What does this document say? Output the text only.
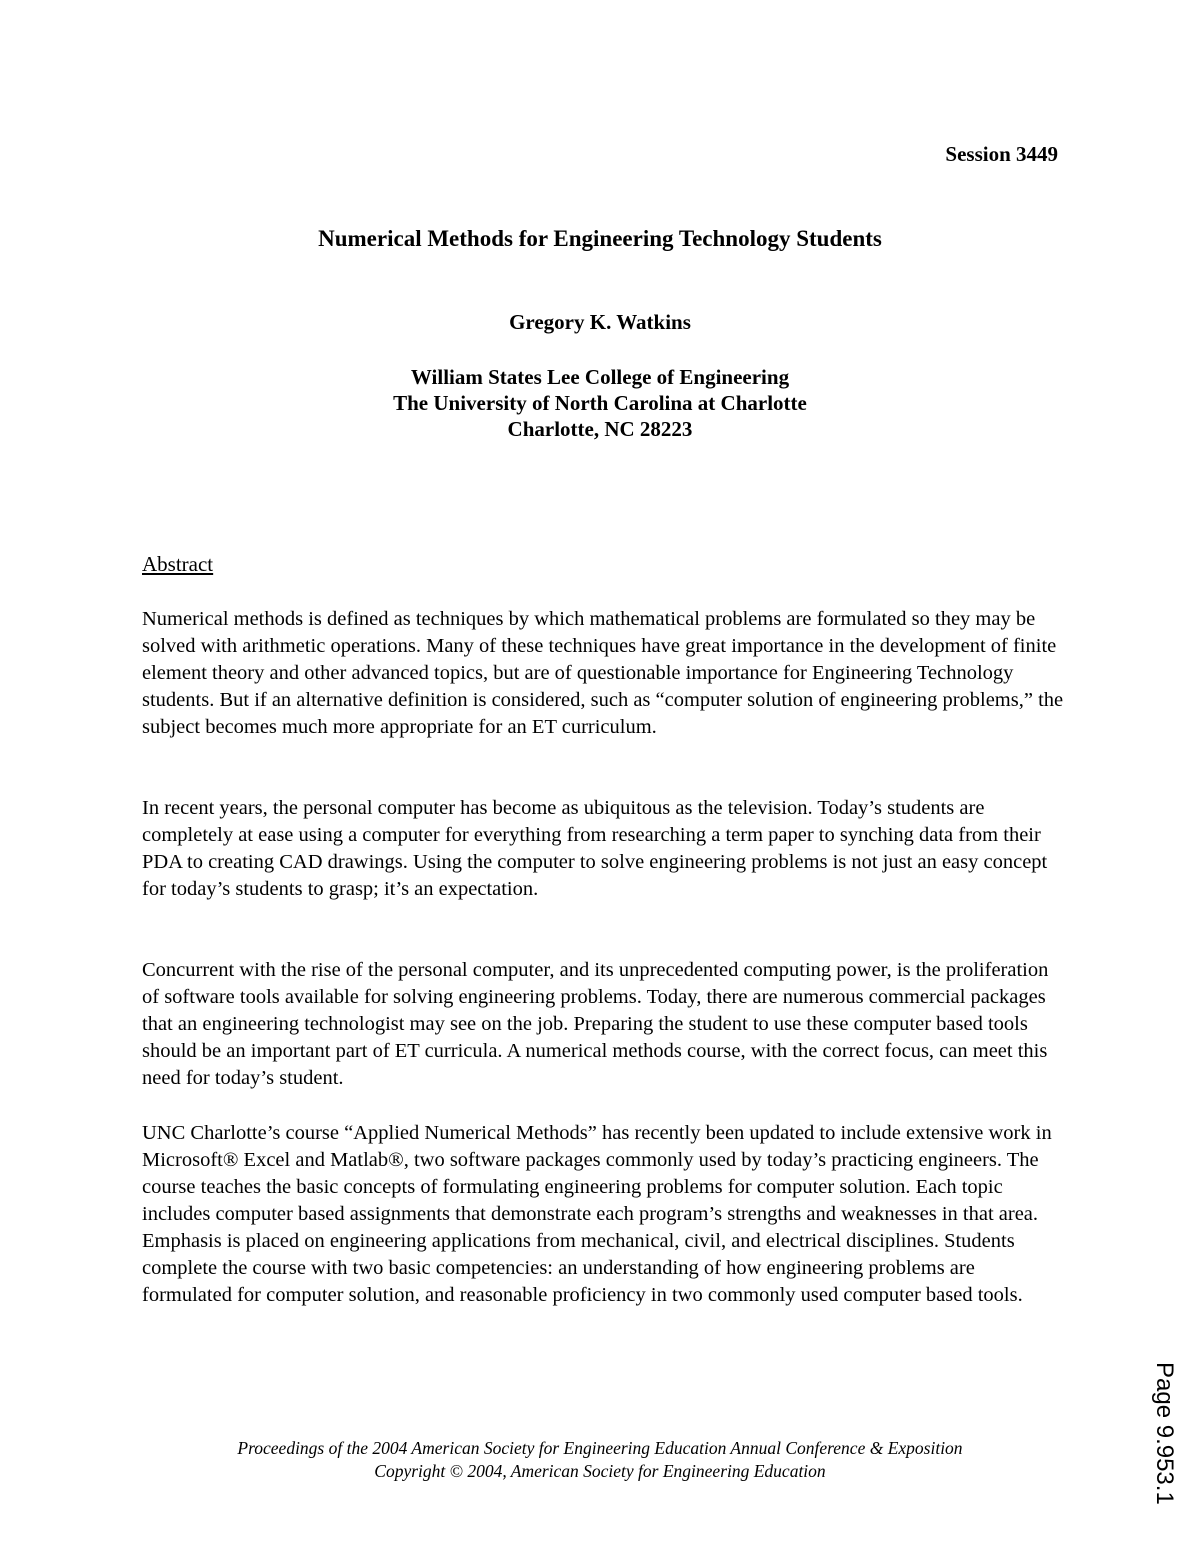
Session 3449
Numerical Methods for Engineering Technology Students
Gregory K. Watkins
William States Lee College of Engineering
The University of North Carolina at Charlotte
Charlotte, NC 28223
Abstract

Numerical methods is defined as techniques by which mathematical problems are formulated so they may be solved with arithmetic operations. Many of these techniques have great importance in the development of finite element theory and other advanced topics, but are of questionable importance for Engineering Technology students. But if an alternative definition is considered, such as “computer solution of engineering problems,” the subject becomes much more appropriate for an ET curriculum.

In recent years, the personal computer has become as ubiquitous as the television. Today’s students are completely at ease using a computer for everything from researching a term paper to synching data from their PDA to creating CAD drawings. Using the computer to solve engineering problems is not just an easy concept for today’s students to grasp; it’s an expectation.

Concurrent with the rise of the personal computer, and its unprecedented computing power, is the proliferation of software tools available for solving engineering problems. Today, there are numerous commercial packages that an engineering technologist may see on the job. Preparing the student to use these computer based tools should be an important part of ET curricula. A numerical methods course, with the correct focus, can meet this need for today’s student.

UNC Charlotte’s course “Applied Numerical Methods” has recently been updated to include extensive work in Microsoft® Excel and Matlab®, two software packages commonly used by today’s practicing engineers. The course teaches the basic concepts of formulating engineering problems for computer solution. Each topic includes computer based assignments that demonstrate each program’s strengths and weaknesses in that area. Emphasis is placed on engineering applications from mechanical, civil, and electrical disciplines. Students complete the course with two basic competencies: an understanding of how engineering problems are formulated for computer solution, and reasonable proficiency in two commonly used computer based tools.

Proceedings of the 2004 American Society for Engineering Education Annual Conference & Exposition
Copyright © 2004, American Society for Engineering Education	Page 9.953.1
